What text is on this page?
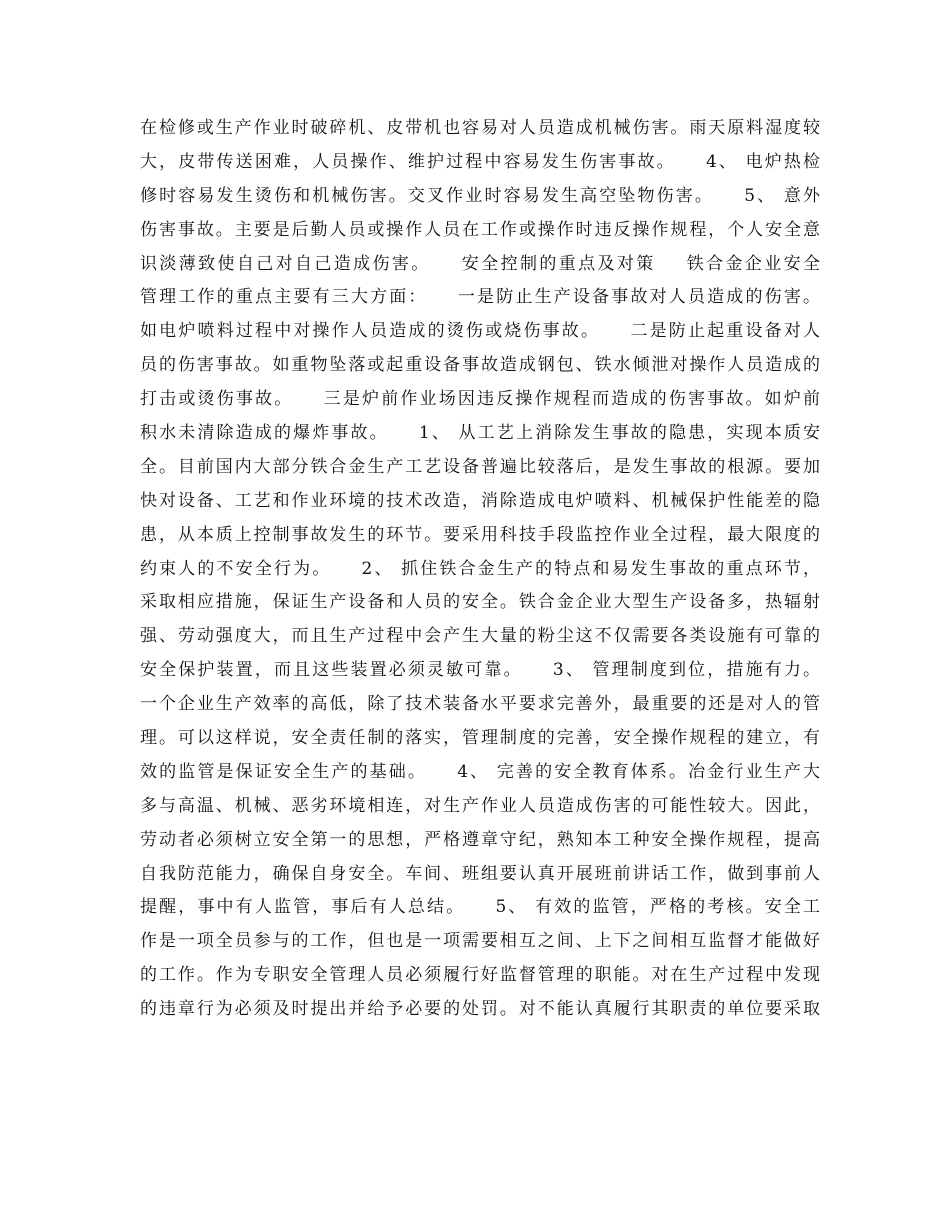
在检修或生产作业时破碎机、皮带机也容易对人员造成机械伤害。雨天原料湿度较
大，皮带传送困难，人员操作、维护过程中容易发生伤害事故。    4、 电炉热检
修时容易发生烫伤和机械伤害。交叉作业时容易发生高空坠物伤害。    5、 意外
伤害事故。主要是后勤人员或操作人员在工作或操作时违反操作规程，个人安全意
识淡薄致使自己对自己造成伤害。    安全控制的重点及对策    铁合金企业安全
管理工作的重点主要有三大方面：    一是防止生产设备事故对人员造成的伤害。
如电炉喷料过程中对操作人员造成的烫伤或烧伤事故。    二是防止起重设备对人
员的伤害事故。如重物坠落或起重设备事故造成钢包、铁水倾泄对操作人员造成的
打击或烫伤事故。    三是炉前作业场因违反操作规程而造成的伤害事故。如炉前
积水未清除造成的爆炸事故。    1、 从工艺上消除发生事故的隐患，实现本质安
全。目前国内大部分铁合金生产工艺设备普遍比较落后，是发生事故的根源。要加
快对设备、工艺和作业环境的技术改造，消除造成电炉喷料、机械保护性能差的隐
患，从本质上控制事故发生的环节。要采用科技手段监控作业全过程，最大限度的
约束人的不安全行为。    2、 抓住铁合金生产的特点和易发生事故的重点环节，
采取相应措施，保证生产设备和人员的安全。铁合金企业大型生产设备多，热辐射
强、劳动强度大，而且生产过程中会产生大量的粉尘这不仅需要各类设施有可靠的
安全保护装置，而且这些装置必须灵敏可靠。    3、 管理制度到位，措施有力。
一个企业生产效率的高低，除了技术装备水平要求完善外，最重要的还是对人的管
理。可以这样说，安全责任制的落实，管理制度的完善，安全操作规程的建立，有
效的监管是保证安全生产的基础。    4、 完善的安全教育体系。冶金行业生产大
多与高温、机械、恶劣环境相连，对生产作业人员造成伤害的可能性较大。因此，
劳动者必须树立安全第一的思想，严格遵章守纪，熟知本工种安全操作规程，提高
自我防范能力，确保自身安全。车间、班组要认真开展班前讲话工作，做到事前人
提醒，事中有人监管，事后有人总结。    5、 有效的监管，严格的考核。安全工
作是一项全员参与的工作，但也是一项需要相互之间、上下之间相互监督才能做好
的工作。作为专职安全管理人员必须履行好监督管理的职能。对在生产过程中发现
的违章行为必须及时提出并给予必要的处罚。对不能认真履行其职责的单位要采取
